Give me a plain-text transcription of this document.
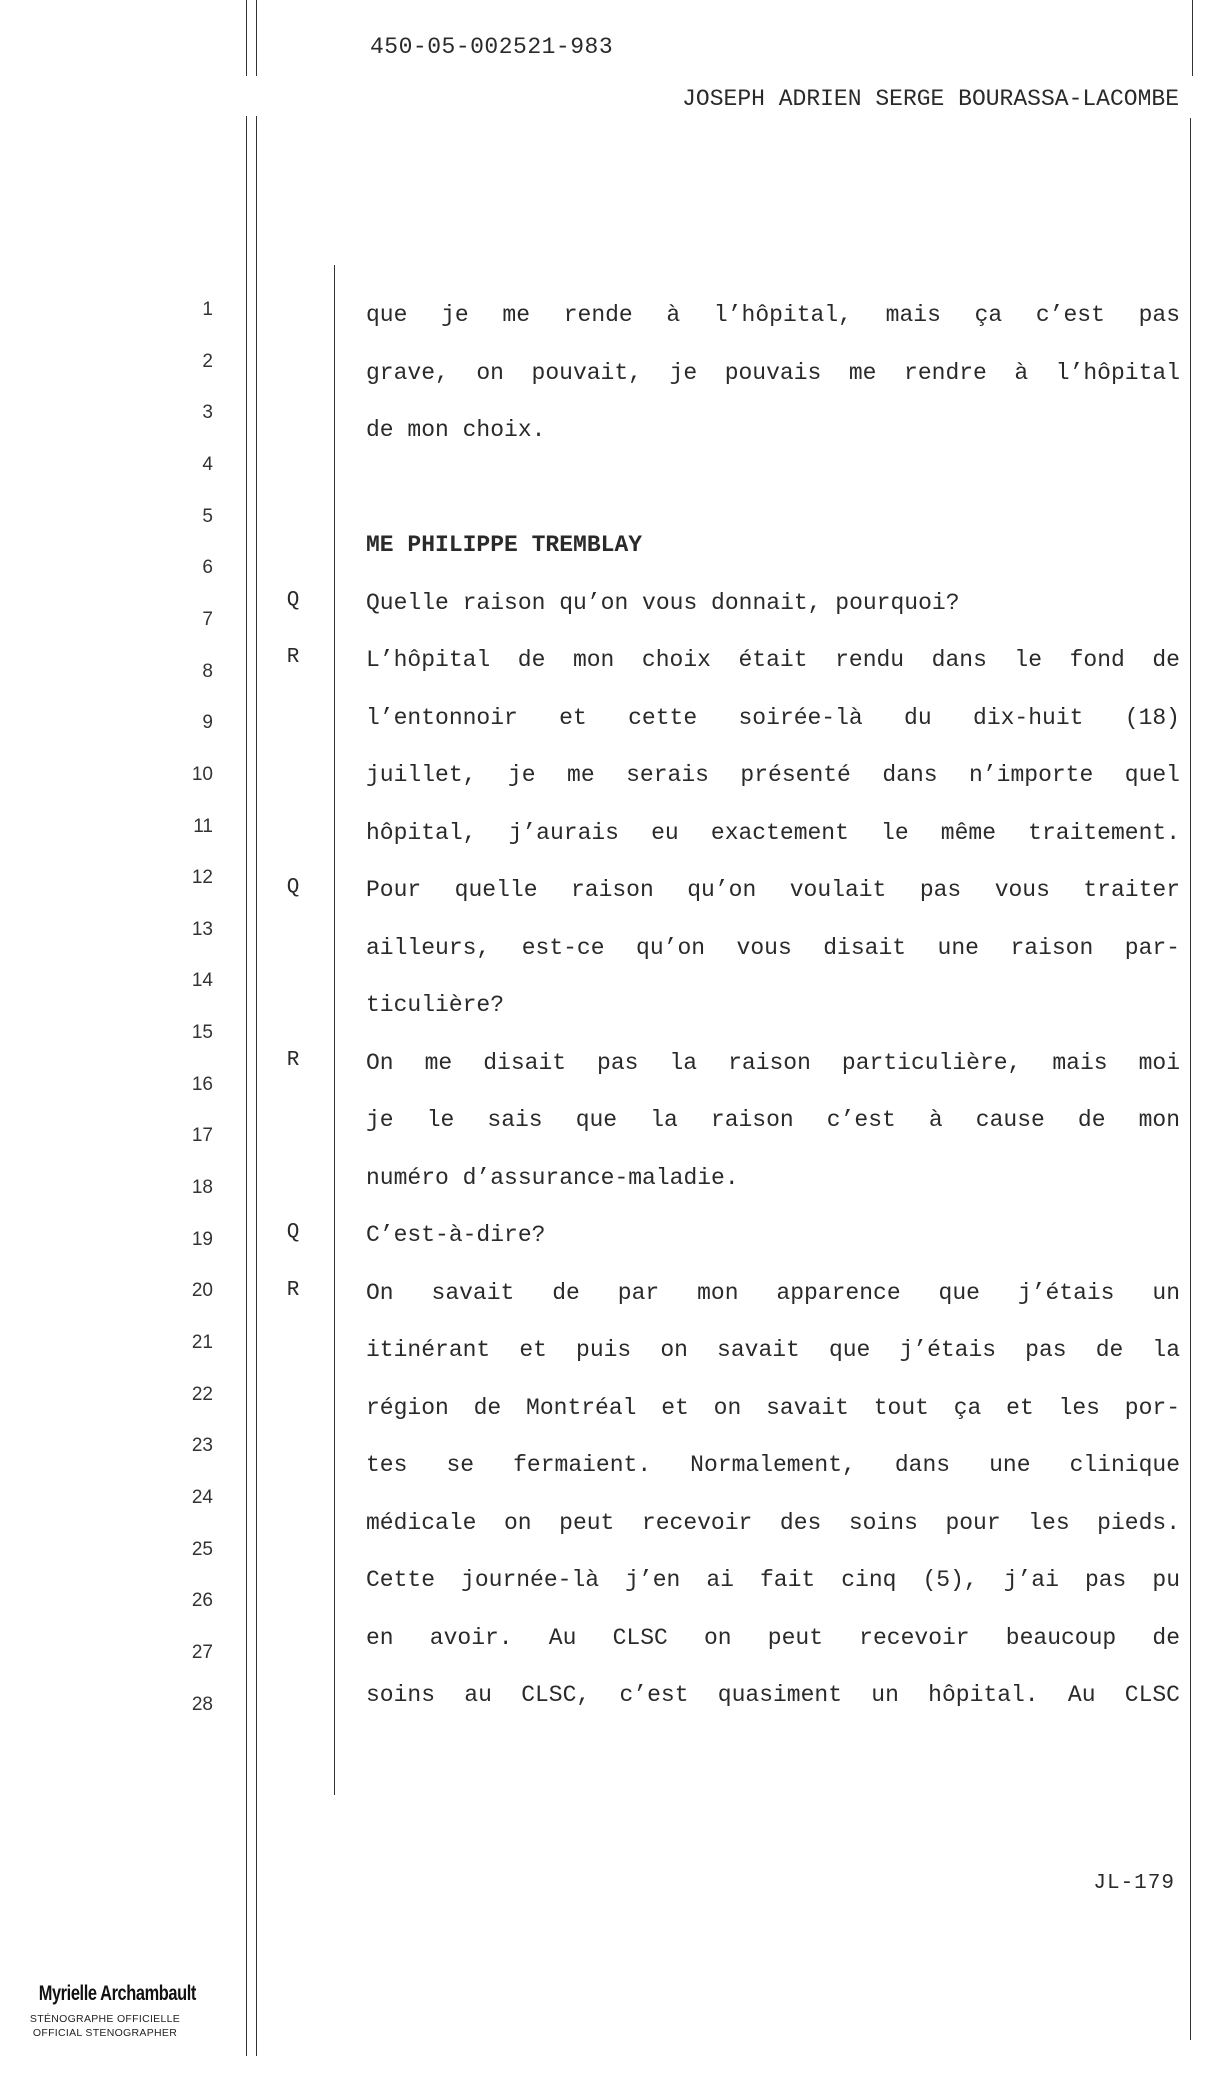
450-05-002521-983
JOSEPH ADRIEN SERGE BOURASSA-LACOMBE
1
2
3
4
5
6
7
8
9
10
11
12
13
14
15
16
17
18
19
20
21
22
23
24
25
26
27
28
que je me rende à l’hôpital, mais ça c’est pas
grave, on pouvait, je pouvais me rendre à l’hôpital
de mon choix.
ME PHILIPPE TREMBLAY
Quelle raison qu’on vous donnait, pourquoi?
Q
L’hôpital de mon choix était rendu dans le fond de
R
l’entonnoir et cette soirée-là du dix-huit (18)
juillet, je me serais présenté dans n’importe quel
hôpital, j’aurais eu exactement le même traitement.
Pour quelle raison qu’on voulait pas vous traiter
Q
ailleurs, est-ce qu’on vous disait une raison par-
ticulière?
On me disait pas la raison particulière, mais moi
R
je le sais que la raison c’est à cause de mon
numéro d’assurance-maladie.
C’est-à-dire?
Q
On savait de par mon apparence que j’étais un
R
itinérant et puis on savait que j’étais pas de la
région de Montréal et on savait tout ça et les por-
tes se fermaient. Normalement, dans une clinique
médicale on peut recevoir des soins pour les pieds.
Cette journée-là j’en ai fait cinq (5), j’ai pas pu
en avoir. Au CLSC on peut recevoir beaucoup de
soins au CLSC, c’est quasiment un hôpital. Au CLSC
JL-179
Myrielle Archambault
STÉNOGRAPHE OFFICIELLE
OFFICIAL STENOGRAPHER
